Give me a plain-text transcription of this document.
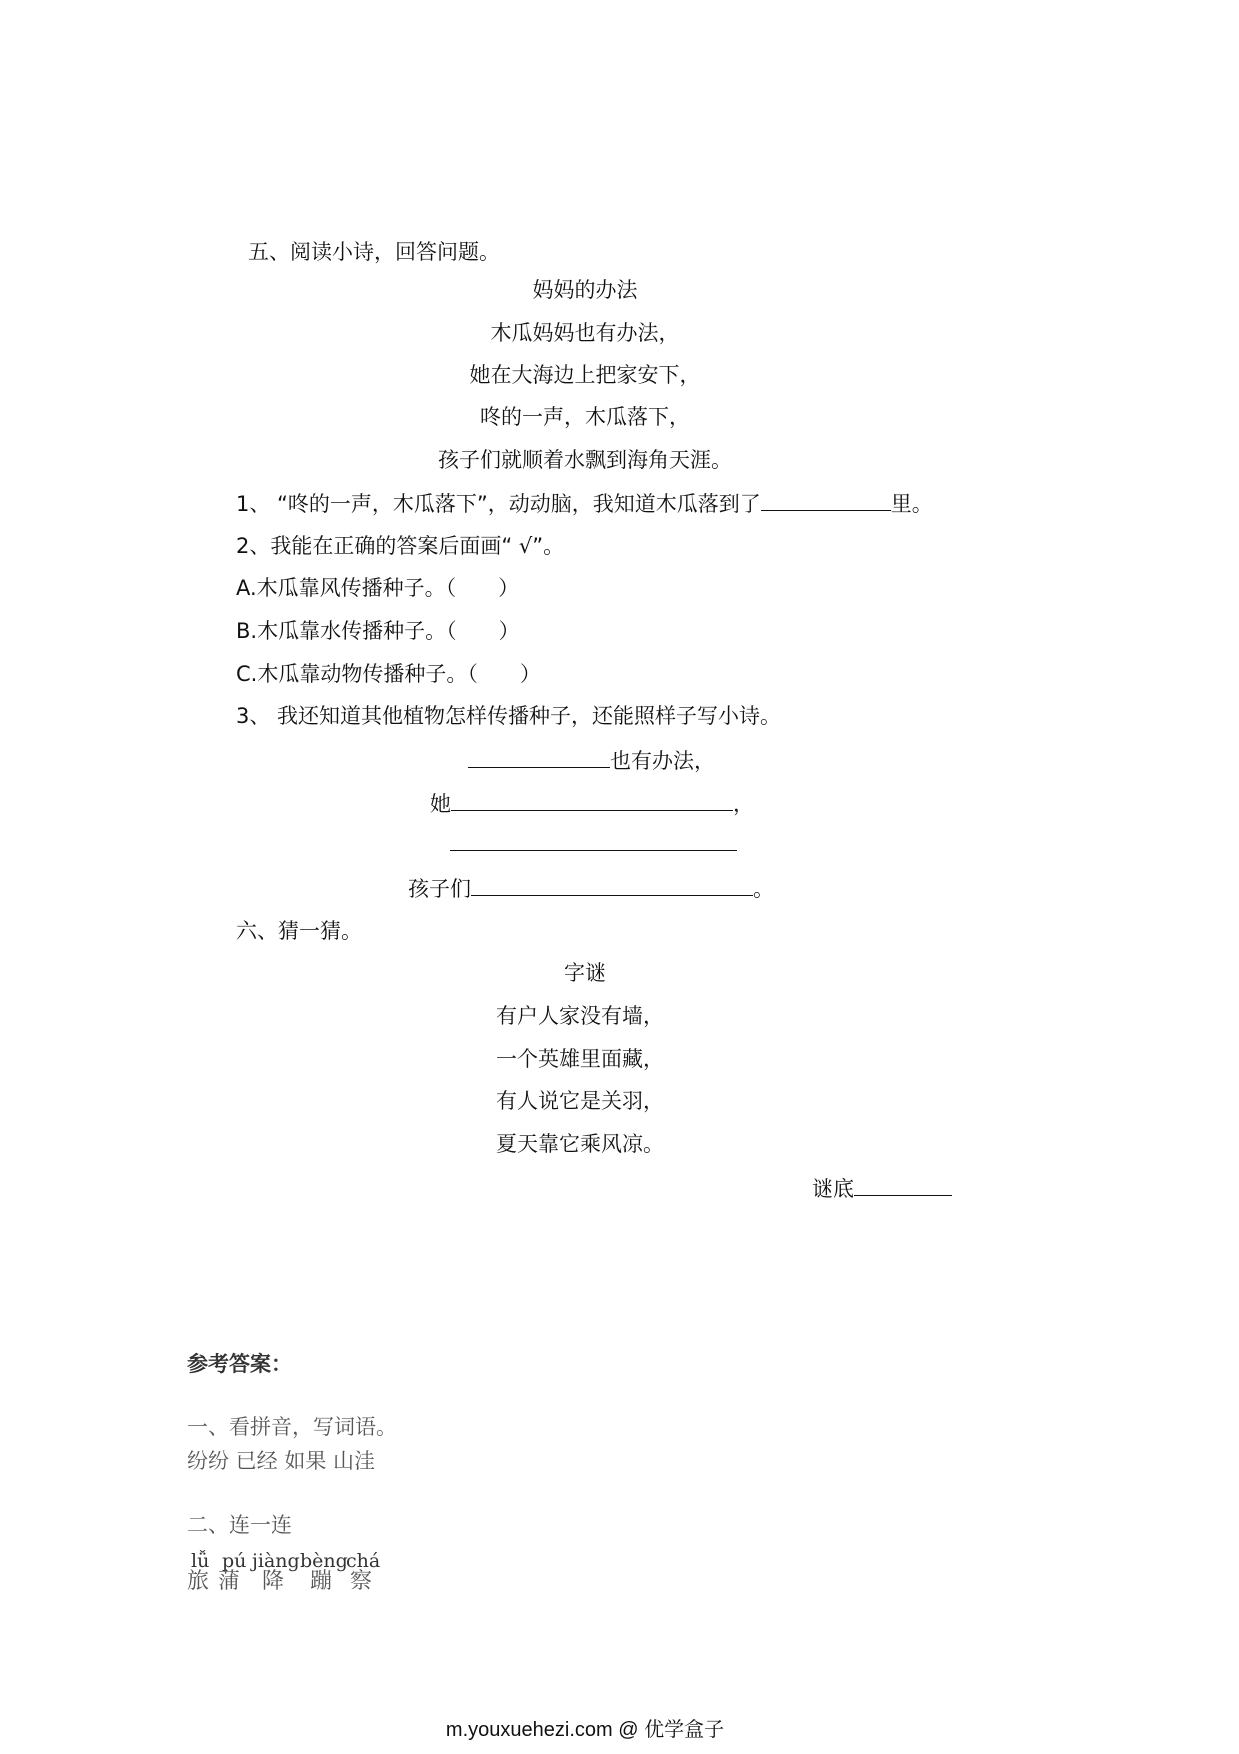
五、阅读小诗，回答问题。
妈妈的办法
木瓜妈妈也有办法，
她在大海边上把家安下，
咚的一声，木瓜落下，
孩子们就顺着水飘到海角天涯。
1、 “咚的一声，木瓜落下”，动动脑，我知道木瓜落到了	里。
2、我能在正确的答案后面画“ √”。
A.木瓜靠风传播种子。（　　）
B.木瓜靠水传播种子。（　　）
C.木瓜靠动物传播种子。（　　）
3、 我还知道其他植物怎样传播种子，还能照样子写小诗。
也有办法，
她	，
孩子们	。
六、猜一猜。
字谜
有户人家没有墙，
一个英雄里面藏，
有人说它是关羽，
夏天靠它乘风凉。
谜底
参考答案：
一、看拼音，写词语。
纷纷 已经 如果 山洼
二、连一连
lǚ pú jiàng bèng
chá
旅 蒲 降 蹦 察
m.youxuehezi.com @ 优学盒子
